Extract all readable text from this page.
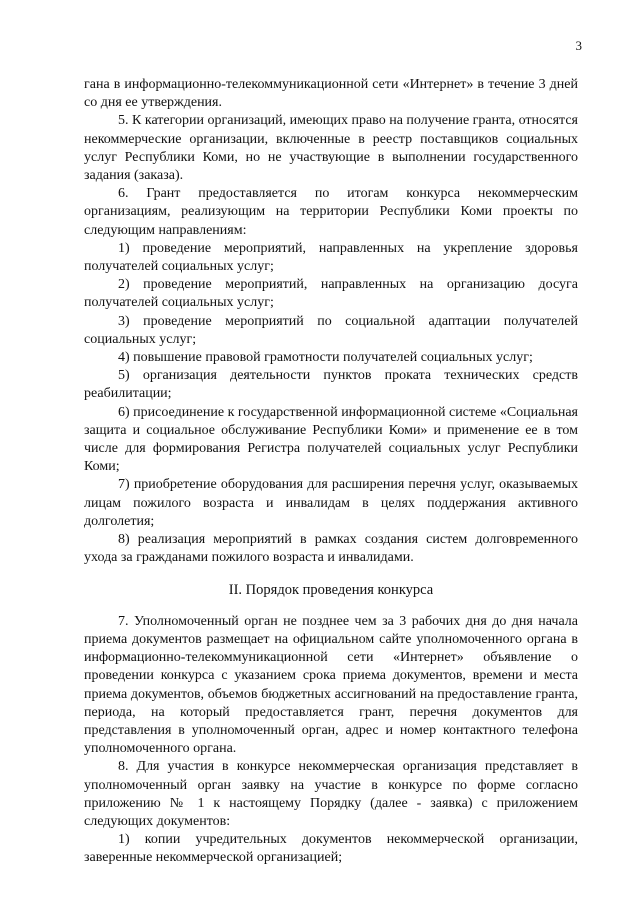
3

гана в информационно-телекоммуникационной сети «Интернет» в течение 3 дней со дня ее утверждения.

5. К категории организаций, имеющих право на получение гранта, относятся некоммерческие организации, включенные в реестр поставщиков социальных услуг Республики Коми, но не участвующие в выполнении государственного задания (заказа).

6. Грант предоставляется по итогам конкурса некоммерческим организациям, реализующим на территории Республики Коми проекты по следующим направлениям:

1) проведение мероприятий, направленных на укрепление здоровья получателей социальных услуг;

2) проведение мероприятий, направленных на организацию досуга получателей социальных услуг;

3) проведение мероприятий по социальной адаптации получателей социальных услуг;

4) повышение правовой грамотности получателей социальных услуг;

5) организация деятельности пунктов проката технических средств реабилитации;

6) присоединение к государственной информационной системе «Социальная защита и социальное обслуживание Республики Коми» и применение ее в том числе для формирования Регистра получателей социальных услуг Республики Коми;

7) приобретение оборудования для расширения перечня услуг, оказываемых лицам пожилого возраста и инвалидам в целях поддержания активного долголетия;

8) реализация мероприятий в рамках создания систем долговременного ухода за гражданами пожилого возраста и инвалидами.

II. Порядок проведения конкурса

7. Уполномоченный орган не позднее чем за 3 рабочих дня до дня начала приема документов размещает на официальном сайте уполномоченного органа в информационно-телекоммуникационной сети «Интернет» объявление о проведении конкурса с указанием срока приема документов, времени и места приема документов, объемов бюджетных ассигнований на предоставление гранта, периода, на который предоставляется грант, перечня документов для представления в уполномоченный орган, адрес и номер контактного телефона уполномоченного органа.

8. Для участия в конкурсе некоммерческая организация представляет в уполномоченный орган заявку на участие в конкурсе по форме согласно приложению № 1 к настоящему Порядку (далее - заявка) с приложением следующих документов:

1) копии учредительных документов некоммерческой организации, заверенные некоммерческой организацией;
